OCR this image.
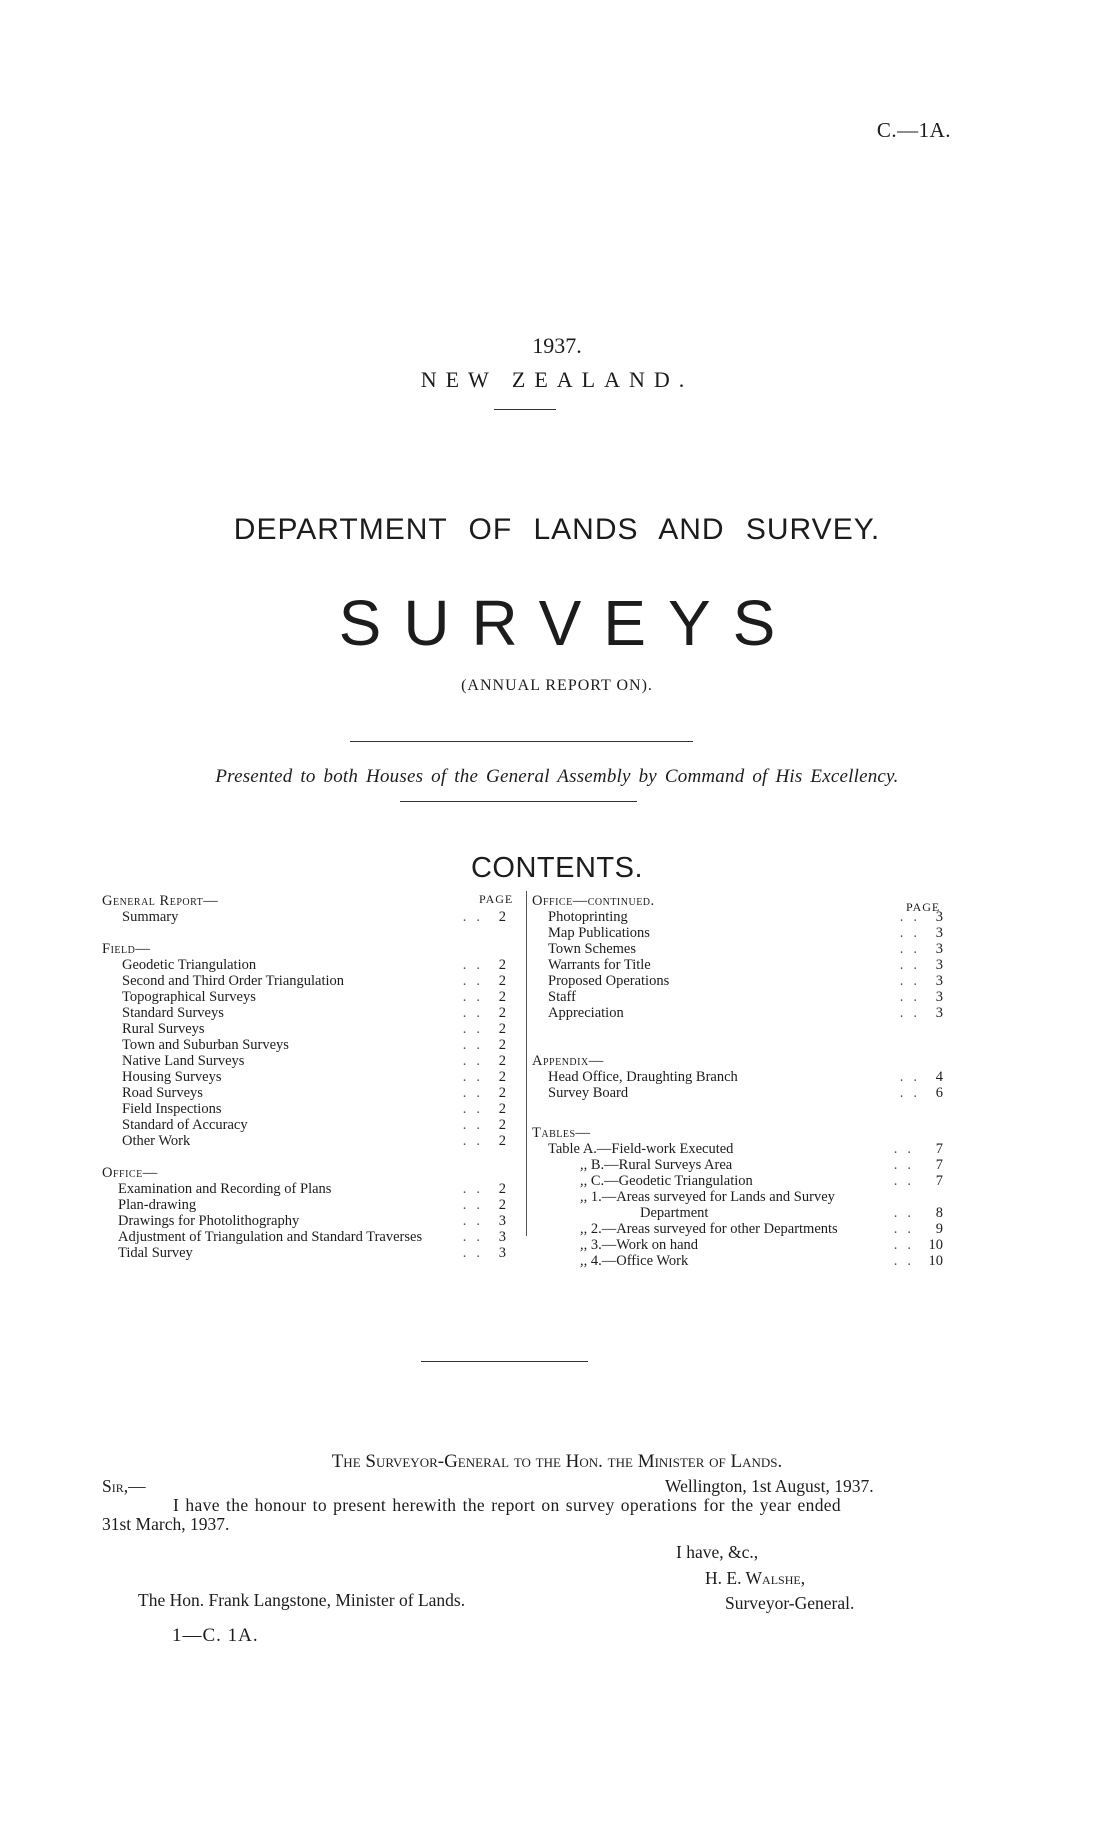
C.—1A.
1937.
NEW ZEALAND.
DEPARTMENT OF LANDS AND SURVEY.
SURVEYS
(ANNUAL REPORT ON).
Presented to both Houses of the General Assembly by Command of His Excellency.
CONTENTS.
PAGE
General Report—
Summary	.. 2
Field—
Geodetic Triangulation	.. 2
Second and Third Order Triangulation	.. 2
Topographical Surveys	.. 2
Standard Surveys	.. 2
Rural Surveys	.. 2
Town and Suburban Surveys	.. 2
Native Land Surveys	.. 2
Housing Surveys	.. 2
Road Surveys	.. 2
Field Inspections	.. 2
Standard of Accuracy	.. 2
Other Work	.. 2
Office—
Examination and Recording of Plans	.. 2
Plan-drawing	.. 2
Drawings for Photolithography	.. 3
Adjustment of Triangulation and Standard Traverses	.. 3
Tidal Survey	.. 3
PAGE
Office—continued.
Photoprinting	.. 3
Map Publications	.. 3
Town Schemes	.. 3
Warrants for Title	.. 3
Proposed Operations	.. 3
Staff	.. 3
Appreciation	.. 3
Appendix—
Head Office, Draughting Branch	.. 4
Survey Board	.. 6
Tables—
Table A.—Field-work Executed	.. 7
,, B.—Rural Surveys Area	.. 7
,, C.—Geodetic Triangulation	.. 7
,, 1.—Areas surveyed for Lands and Survey
Department	.. 8
,, 2.—Areas surveyed for other Departments	.. 9
,, 3.—Work on hand	.. 10
,, 4.—Office Work	.. 10
The Surveyor-General to the Hon. the Minister of Lands.
Sir,—	Wellington, 1st August, 1937.
I have the honour to present herewith the report on survey operations for the year ended
31st March, 1937.
I have, &c.,
H. E. Walshe,
Surveyor-General.
The Hon. Frank Langstone, Minister of Lands.
1—C. 1A.
